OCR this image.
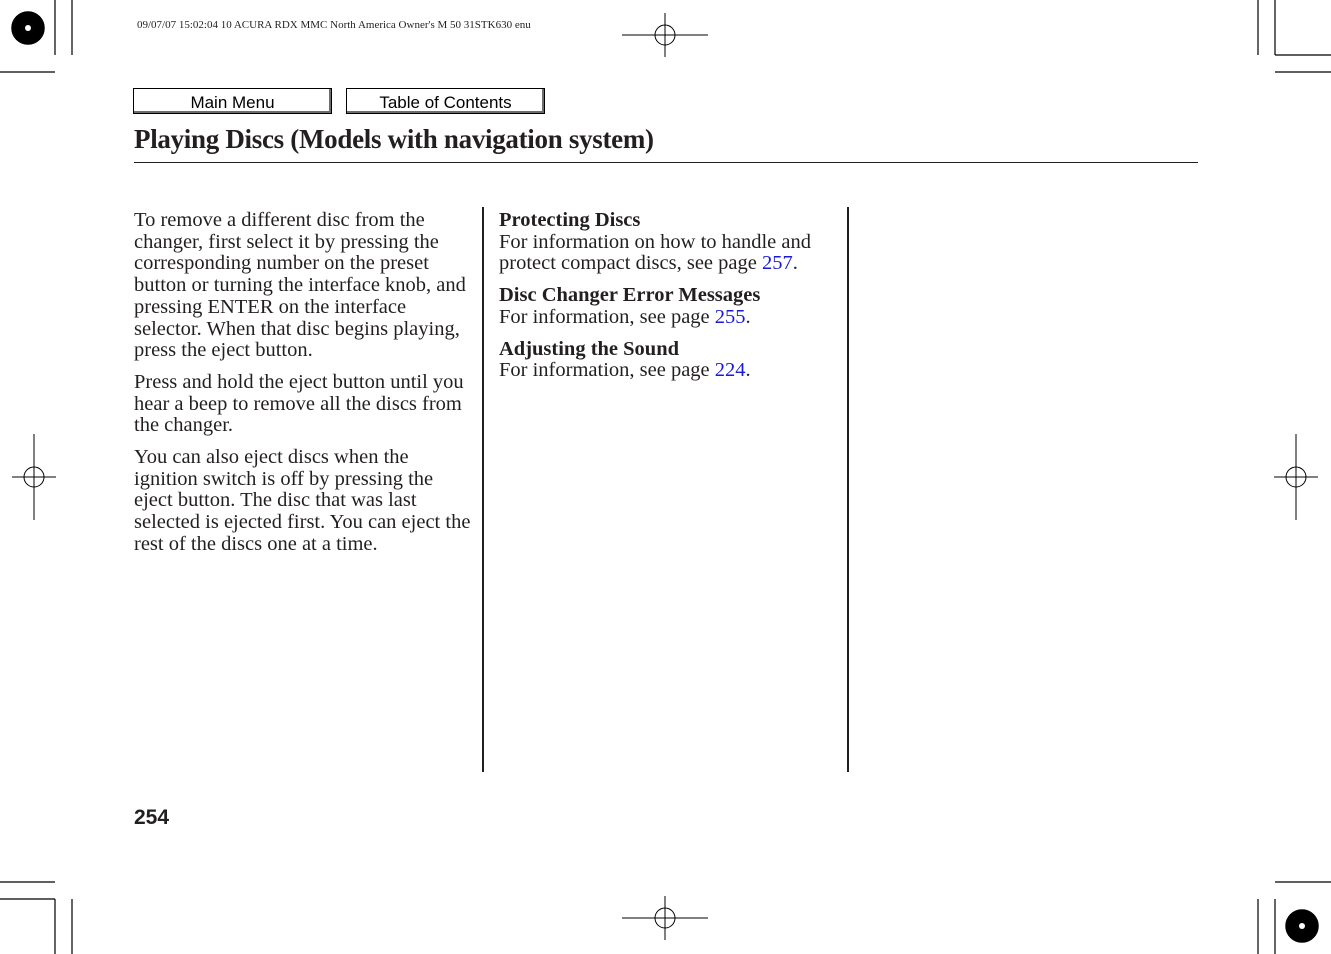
09/07/07 15:02:04 10 ACURA RDX MMC North America Owner's M 50 31STK630 enu
Main Menu	Table of Contents
Playing Discs (Models with navigation system)

To remove a different disc from the changer, first select it by pressing the corresponding number on the preset button or turning the interface knob, and pressing ENTER on the interface selector. When that disc begins playing, press the eject button.

Press and hold the eject button until you hear a beep to remove all the discs from the changer.

You can also eject discs when the ignition switch is off by pressing the eject button. The disc that was last selected is ejected first. You can eject the rest of the discs one at a time.

Protecting Discs
For information on how to handle and protect compact discs, see page 257.
Disc Changer Error Messages
For information, see page 255.
Adjusting the Sound
For information, see page 224.
254
